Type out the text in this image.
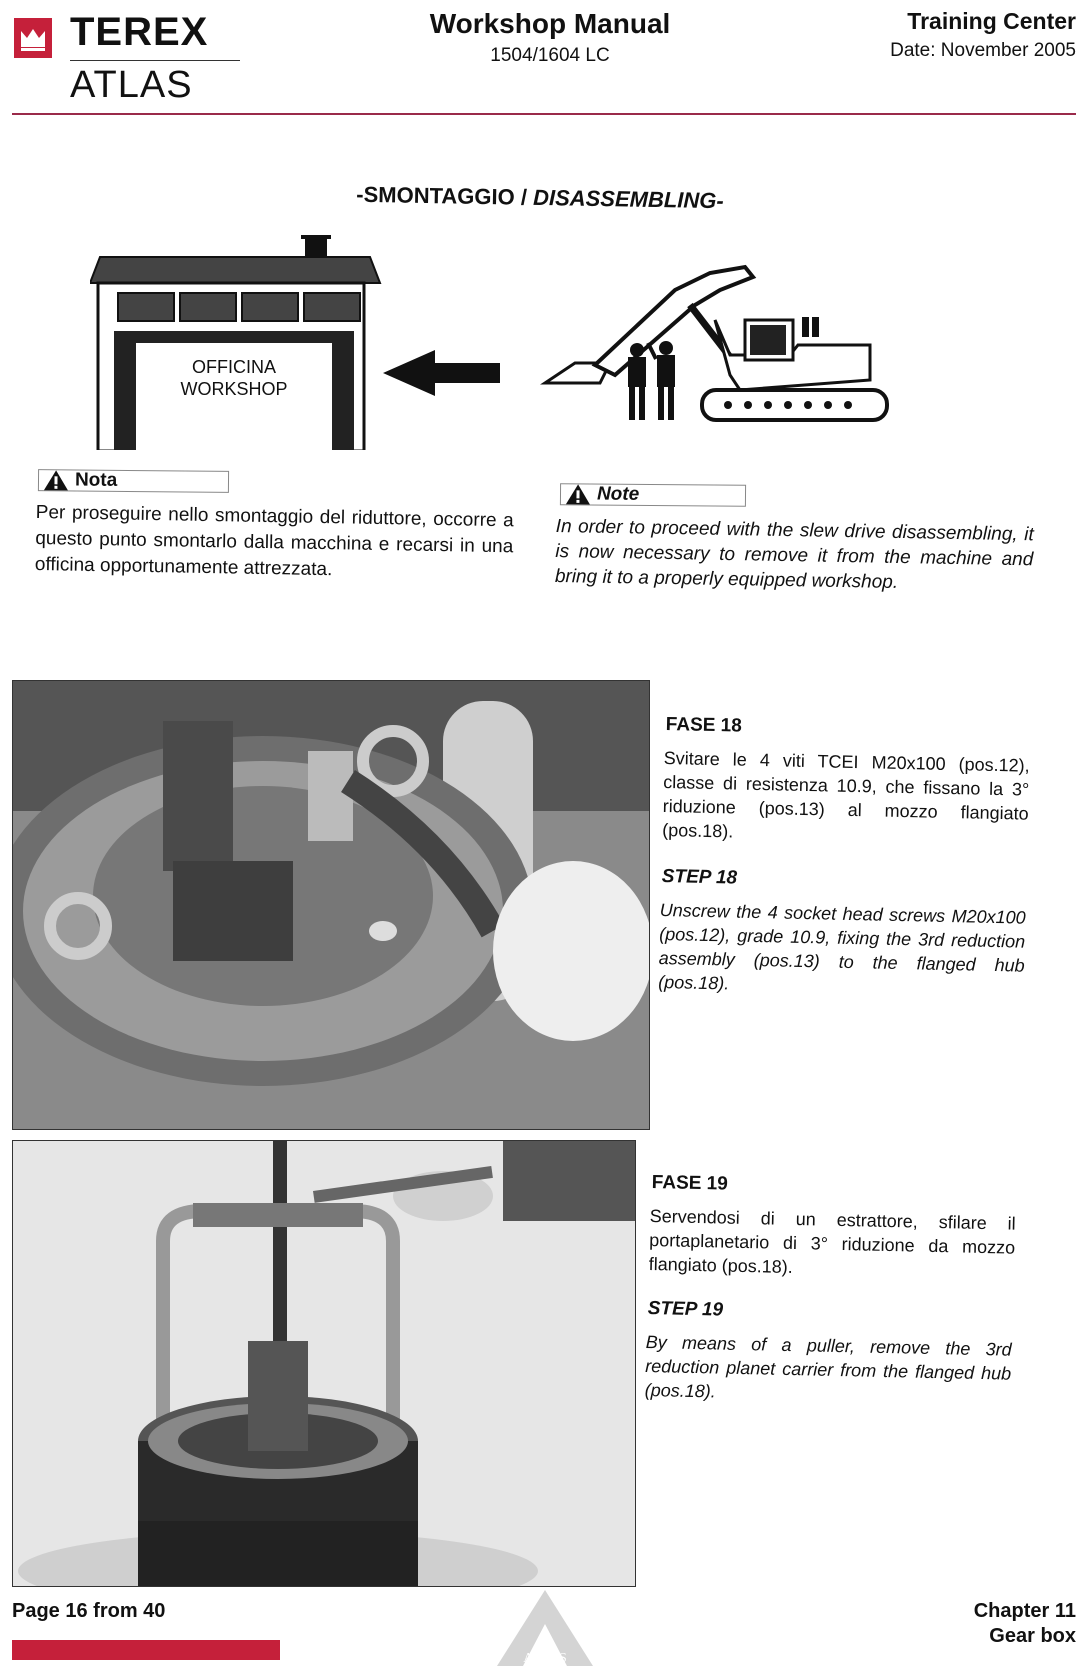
TEREX
ATLAS
Workshop Manual
1504/1604 LC
Training Center
Date: November 2005
-SMONTAGGIO / DISASSEMBLING-
OFFICINA
WORKSHOP
Nota
Per proseguire nello smontaggio del riduttore, occorre a questo punto smontarlo dalla macchina e recarsi in una officina opportunamente attrezzata.
Note
In order to proceed with the slew drive disassembling, it is now necessary to remove it from the machine and bring it to a properly equipped workshop.
FASE 18
Svitare le 4 viti TCEI M20x100 (pos.12), classe di resistenza 10.9, che fissano la 3° riduzione (pos.13) al mozzo flangiato (pos.18).
STEP 18
Unscrew the 4 socket head screws M20x100 (pos.12), grade 10.9, fixing the 3rd reduction assembly (pos.13) to the flanged hub (pos.18).
FASE 19
Servendosi di un estrattore, sfilare il portaplanetario di 3° riduzione da mozzo flangiato (pos.18).
STEP 19
By means of a puller, remove the 3rd reduction planet carrier from the flanged hub (pos.18).
Page 16 from 40
ATLAS
Chapter 11
Gear box
